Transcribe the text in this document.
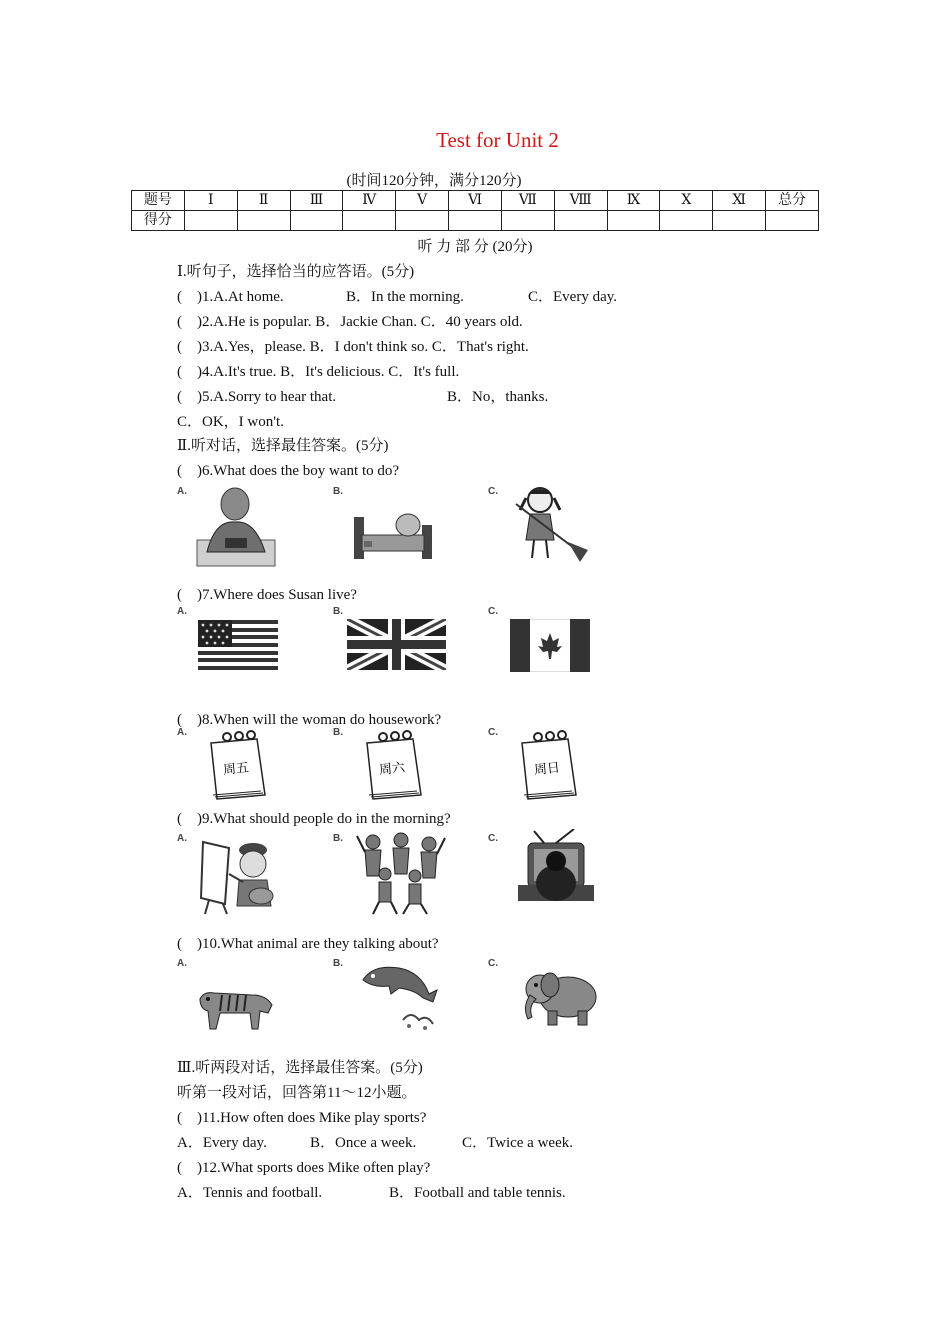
Test for Unit 2
(时间120分钟，满分120分)
题号	Ⅰ	Ⅱ	Ⅲ	Ⅳ	Ⅴ	Ⅵ	Ⅶ	Ⅷ	Ⅸ	Ⅹ	Ⅺ	总分
得分												
听 力 部 分 (20分)
Ⅰ.听句子，选择恰当的应答语。(5分)
(　)1.A.At home.	B．In the morning.	C．Every day.
(　)2.A.He is popular. B．Jackie Chan. C．40 years old.
(　)3.A.Yes，please. B．I don't think so. C．That's right.
(　)4.A.It's true. B．It's delicious. C．It's full.
(　)5.A.Sorry to hear that.	B．No，thanks.
C．OK，I won't.
Ⅱ.听对话，选择最佳答案。(5分)
(　)6.What does the boy want to do?
A.	B.	C.
(　)7.Where does Susan live?
A.	B.	C.
(　)8.When will the woman do housework?
A.	B.	C.
周五	周六	周日
(　)9.What should people do in the morning?
A.	B.	C.
(　)10.What animal are they talking about?
A.	B.	C.
Ⅲ.听两段对话，选择最佳答案。(5分)
听第一段对话，回答第11～12小题。
(　)11.How often does Mike play sports?
A．Every day.	B．Once a week.	C．Twice a week.
(　)12.What sports does Mike often play?
A．Tennis and football.	B．Football and table tennis.
